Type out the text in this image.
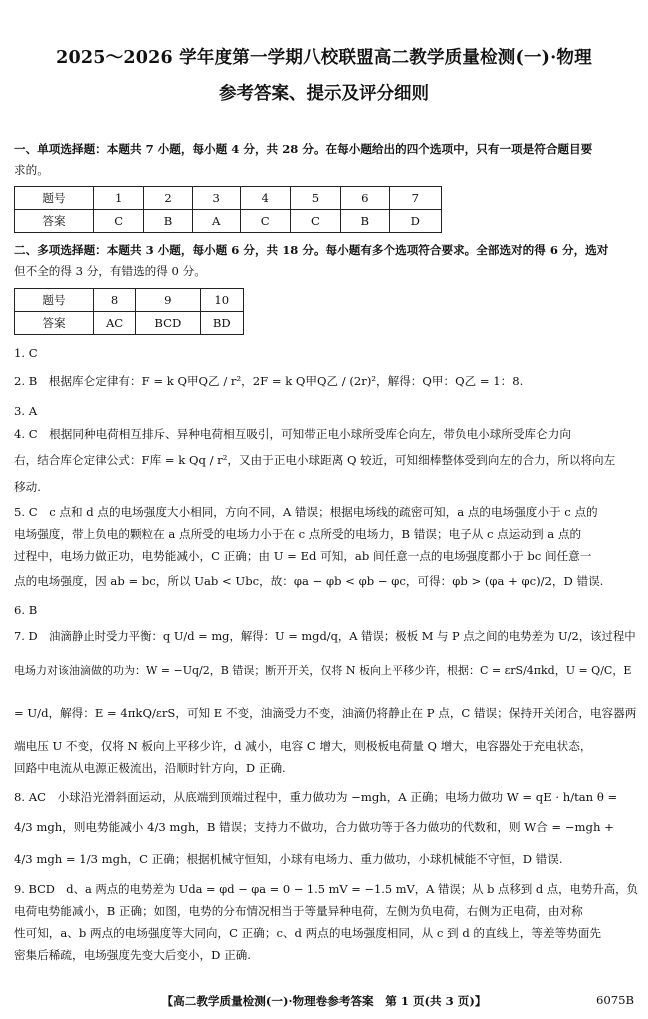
2025～2026 学年度第一学期八校联盟高二教学质量检测(一)·物理
参考答案、提示及评分细则
一、单项选择题：本题共 7 小题，每小题 4 分，共 28 分。在每小题给出的四个选项中，只有一项是符合题目要
求的。
题号	1	2	3	4	5	6	7
答案	C	B	A	C	C	B	D
二、多项选择题：本题共 3 小题，每小题 6 分，共 18 分。每小题有多个选项符合要求。全部选对的得 6 分，选对
但不全的得 3 分，有错选的得 0 分。
题号	8	9	10
答案	AC	BCD	BD
1. C
2. B　根据库仑定律有：F = k Q甲Q乙 / r²，2F = k Q甲Q乙 / (2r)²，解得：Q甲：Q乙 = 1：8.
3. A
4. C　根据同种电荷相互排斥、异种电荷相互吸引，可知带正电小球所受库仑向左，带负电小球所受库仑力向
右，结合库仑定律公式：F库 = k Qq / r²，又由于正电小球距离 Q 较近，可知细棒整体受到向左的合力，所以将向左
移动.
5. C　c 点和 d 点的电场强度大小相同，方向不同，A 错误；根据电场线的疏密可知，a 点的电场强度小于 c 点的
电场强度，带上负电的颗粒在 a 点所受的电场力小于在 c 点所受的电场力，B 错误；电子从 c 点运动到 a 点的
过程中，电场力做正功，电势能减小，C 正确；由 U = Ed 可知，ab 间任意一点的电场强度都小于 bc 间任意一
点的电场强度，因 ab = bc，所以 Uab < Ubc，故：φa − φb < φb − φc，可得：φb > (φa + φc)/2，D 错误.
6. B
7. D　油滴静止时受力平衡：q U/d = mg，解得：U = mgd/q，A 错误；极板 M 与 P 点之间的电势差为 U/2，该过程中
电场力对该油滴做的功为：W = −Uq/2，B 错误；断开开关，仅将 N 板向上平移少许，根据：C = εrS/4πkd，U = Q/C，E
= U/d，解得：E = 4πkQ/εrS，可知 E 不变，油滴受力不变，油滴仍将静止在 P 点，C 错误；保持开关闭合，电容器两
端电压 U 不变，仅将 N 板向上平移少许，d 减小，电容 C 增大，则极板电荷量 Q 增大，电容器处于充电状态，
回路中电流从电源正极流出，沿顺时针方向，D 正确.
8. AC　小球沿光滑斜面运动，从底端到顶端过程中，重力做功为 −mgh，A 正确；电场力做功 W = qE · h/tan θ =
4/3 mgh，则电势能减小 4/3 mgh，B 错误；支持力不做功，合力做功等于各力做功的代数和，则 W合 = −mgh +
4/3 mgh = 1/3 mgh，C 正确；根据机械守恒知，小球有电场力、重力做功，小球机械能不守恒，D 错误.
9. BCD　d、a 两点的电势差为 Uda = φd − φa = 0 − 1.5 mV = −1.5 mV，A 错误；从 b 点移到 d 点，电势升高，负
电荷电势能减小，B 正确；如图，电势的分布情况相当于等量异种电荷，左侧为负电荷，右侧为正电荷，由对称
性可知，a、b 两点的电场强度等大同向，C 正确；c、d 两点的电场强度相同，从 c 到 d 的直线上，等差等势面先
密集后稀疏，电场强度先变大后变小，D 正确.
【高二教学质量检测(一)·物理卷参考答案　第 1 页(共 3 页)】	6075B
